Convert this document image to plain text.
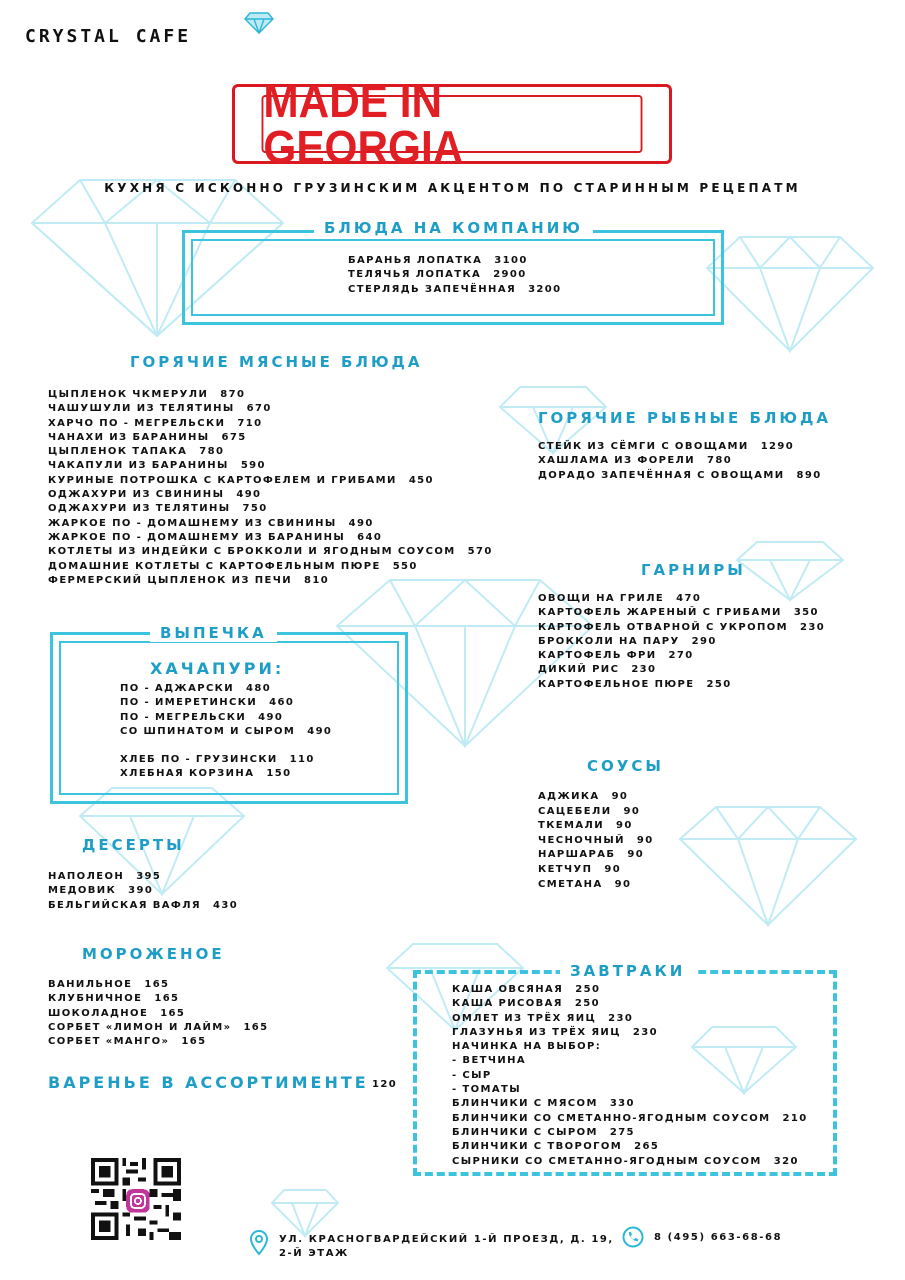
CRYSTAL CAFE
MADE IN GEORGIA
КУХНЯ С ИСКОННО ГРУЗИНСКИМ АКЦЕНТОМ ПО СТАРИННЫМ РЕЦЕПАТМ
БЛЮДА НА КОМПАНИЮ
БАРАНЬЯ ЛОПАТКА 3100
ТЕЛЯЧЬЯ ЛОПАТКА 2900
СТЕРЛЯДЬ ЗАПЕЧЁННАЯ 3200
ГОРЯЧИЕ МЯСНЫЕ БЛЮДА
ЦЫПЛЕНОК ЧКМЕРУЛИ 870
ЧАШУШУЛИ ИЗ ТЕЛЯТИНЫ 670
ХАРЧО ПО - МЕГРЕЛЬСКИ 710
ЧАНАХИ ИЗ БАРАНИНЫ 675
ЦЫПЛЕНОК ТАПАКА 780
ЧАКАПУЛИ ИЗ БАРАНИНЫ 590
КУРИНЫЕ ПОТРОШКА С КАРТОФЕЛЕМ И ГРИБАМИ 450
ОДЖАХУРИ ИЗ СВИНИНЫ 490
ОДЖАХУРИ ИЗ ТЕЛЯТИНЫ 750
ЖАРКОЕ ПО - ДОМАШНЕМУ ИЗ СВИНИНЫ 490
ЖАРКОЕ ПО - ДОМАШНЕМУ ИЗ БАРАНИНЫ 640
КОТЛЕТЫ ИЗ ИНДЕЙКИ С БРОККОЛИ И ЯГОДНЫМ СОУСОМ 570
ДОМАШНИЕ КОТЛЕТЫ С КАРТОФЕЛЬНЫМ ПЮРЕ 550
ФЕРМЕРСКИЙ ЦЫПЛЕНОК ИЗ ПЕЧИ 810
ГОРЯЧИЕ РЫБНЫЕ БЛЮДА
СТЕЙК ИЗ СЁМГИ С ОВОЩАМИ 1290
ХАШЛАМА ИЗ ФОРЕЛИ 780
ДОРАДО ЗАПЕЧЁННАЯ С ОВОЩАМИ 890
ГАРНИРЫ
ОВОЩИ НА ГРИЛЕ 470
КАРТОФЕЛЬ ЖАРЕНЫЙ С ГРИБАМИ 350
КАРТОФЕЛЬ ОТВАРНОЙ С УКРОПОМ 230
БРОККОЛИ НА ПАРУ 290
КАРТОФЕЛЬ ФРИ 270
ДИКИЙ РИС 230
КАРТОФЕЛЬНОЕ ПЮРЕ 250
ВЫПЕЧКА
ХАЧАПУРИ:
ПО - АДЖАРСКИ 480
ПО - ИМЕРЕТИНСКИ 460
ПО - МЕГРЕЛЬСКИ 490
СО ШПИНАТОМ И СЫРОМ 490
ХЛЕБ ПО - ГРУЗИНСКИ 110
ХЛЕБНАЯ КОРЗИНА 150	СОУСЫ
АДЖИКА 90
САЦЕБЕЛИ 90
ТКЕМАЛИ 90
ЧЕСНОЧНЫЙ 90
НАРШАРАБ 90
КЕТЧУП 90
СМЕТАНА 90
ДЕСЕРТЫ
НАПОЛЕОН 395
МЕДОВИК 390
БЕЛЬГИЙСКАЯ ВАФЛЯ 430
МОРОЖЕНОЕ
ВАНИЛЬНОЕ 165
КЛУБНИЧНОЕ 165
ШОКОЛАДНОЕ 165
СОРБЕТ «ЛИМОН И ЛАЙМ» 165
СОРБЕТ «МАНГО» 165
ВАРЕНЬЕ В АССОРТИМЕНТЕ 120
ЗАВТРАКИ
КАША ОВСЯНАЯ 250
КАША РИСОВАЯ 250
ОМЛЕТ ИЗ ТРЁХ ЯИЦ 230
ГЛАЗУНЬЯ ИЗ ТРЁХ ЯИЦ 230
НАЧИНКА НА ВЫБОР:
- ВЕТЧИНА
- СЫР
- ТОМАТЫ
БЛИНЧИКИ С МЯСОМ 330
БЛИНЧИКИ СО СМЕТАННО-ЯГОДНЫМ СОУСОМ 210
БЛИНЧИКИ С СЫРОМ 275
БЛИНЧИКИ С ТВОРОГОМ 265
СЫРНИКИ СО СМЕТАННО-ЯГОДНЫМ СОУСОМ 320
УЛ. КРАСНОГВАРДЕЙСКИЙ 1-Й ПРОЕЗД, Д. 19,
2-Й ЭТАЖ
8 (495) 663-68-68
